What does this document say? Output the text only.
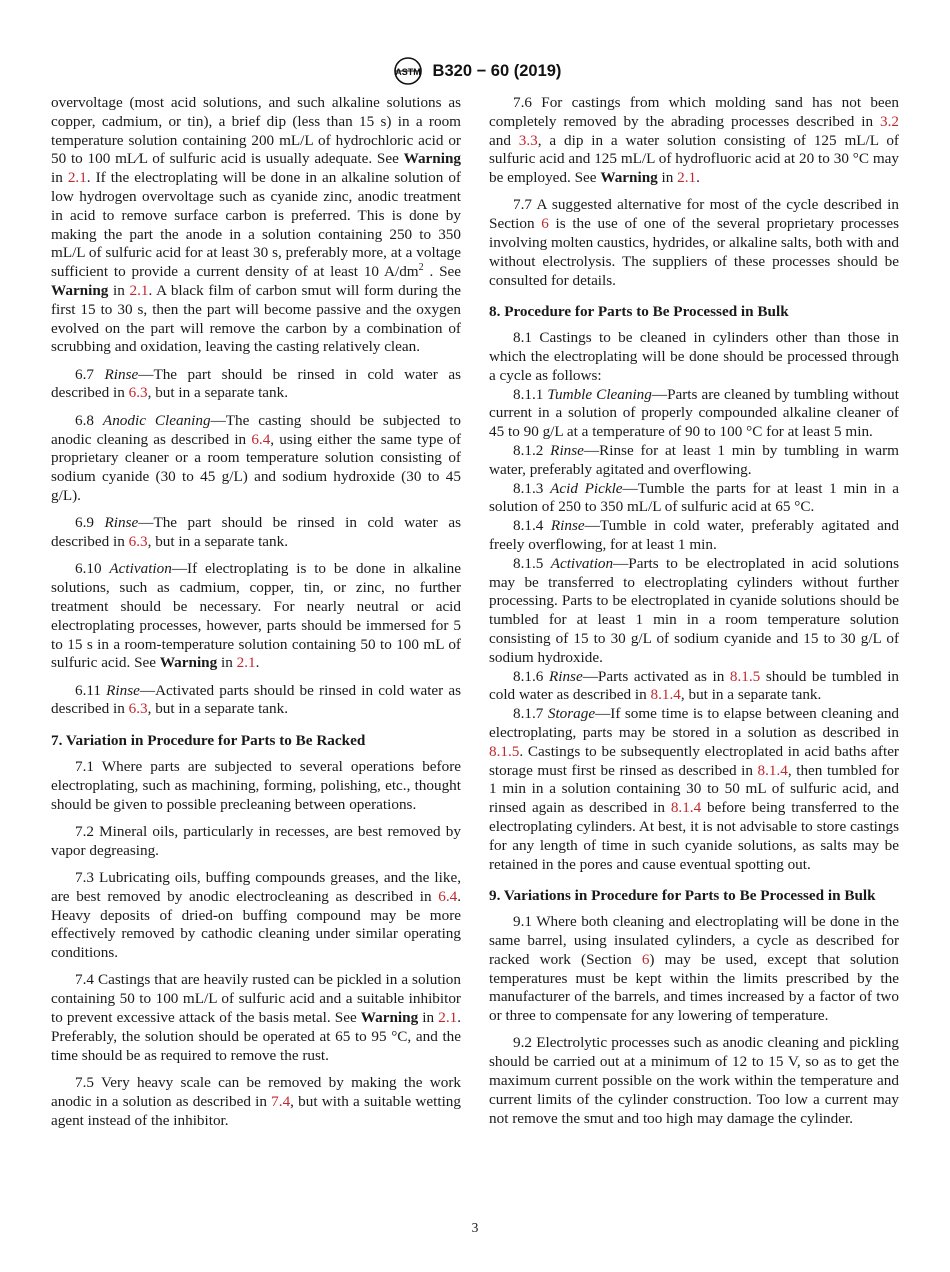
ASTM B320 − 60 (2019)

overvoltage (most acid solutions, and such alkaline solutions as copper, cadmium, or tin), a brief dip (less than 15 s) in a room temperature solution containing 200 mL/L of hydrochloric acid or 50 to 100 mL⁄L of sulfuric acid is usually adequate. See Warning in 2.1. If the electroplating will be done in an alkaline solution of low hydrogen overvoltage such as cyanide zinc, anodic treatment in acid to remove surface carbon is preferred. This is done by making the part the anode in a solution containing 250 to 350 mL/L of sulfuric acid for at least 30 s, preferably more, at a voltage sufficient to provide a current density of at least 10 $A/dm^2$ . See Warning in 2.1. A black film of carbon smut will form during the first 15 to 30 s, then the part will become passive and the oxygen evolved on the part will remove the carbon by a combination of scrubbing and oxidation, leaving the casting relatively clean.

6.7 Rinse—The part should be rinsed in cold water as described in 6.3, but in a separate tank.

6.8 Anodic Cleaning—The casting should be subjected to anodic cleaning as described in 6.4, using either the same type of proprietary cleaner or a room temperature solution consisting of sodium cyanide (30 to 45 g/L) and sodium hydroxide (30 to 45 g/L).

6.9 Rinse—The part should be rinsed in cold water as described in 6.3, but in a separate tank.

6.10 Activation—If electroplating is to be done in alkaline solutions, such as cadmium, copper, tin, or zinc, no further treatment should be necessary. For nearly neutral or acid electroplating processes, however, parts should be immersed for 5 to 15 s in a room-temperature solution containing 50 to 100 mL of sulfuric acid. See Warning in 2.1.

6.11 Rinse—Activated parts should be rinsed in cold water as described in 6.3, but in a separate tank.

7. Variation in Procedure for Parts to Be Racked

7.1 Where parts are subjected to several operations before electroplating, such as machining, forming, polishing, etc., thought should be given to possible precleaning between operations.

7.2 Mineral oils, particularly in recesses, are best removed by vapor degreasing.

7.3 Lubricating oils, buffing compounds greases, and the like, are best removed by anodic electrocleaning as described in 6.4. Heavy deposits of dried-on buffing compound may be more effectively removed by cathodic cleaning under similar operating conditions.

7.4 Castings that are heavily rusted can be pickled in a solution containing 50 to 100 mL/L of sulfuric acid and a suitable inhibitor to prevent excessive attack of the basis metal. See Warning in 2.1. Preferably, the solution should be operated at 65 to 95 °C, and the time should be as required to remove the rust.

7.5 Very heavy scale can be removed by making the work anodic in a solution as described in 7.4, but with a suitable wetting agent instead of the inhibitor.

7.6 For castings from which molding sand has not been completely removed by the abrading processes described in 3.2 and 3.3, a dip in a water solution consisting of 125 mL/L of sulfuric acid and 125 mL/L of hydrofluoric acid at 20 to 30 °C may be employed. See Warning in 2.1.

7.7 A suggested alternative for most of the cycle described in Section 6 is the use of one of the several proprietary processes involving molten caustics, hydrides, or alkaline salts, both with and without electrolysis. The suppliers of these processes should be consulted for details.

8. Procedure for Parts to Be Processed in Bulk

8.1 Castings to be cleaned in cylinders other than those in which the electroplating will be done should be processed through a cycle as follows:

8.1.1 Tumble Cleaning—Parts are cleaned by tumbling without current in a solution of properly compounded alkaline cleaner of 45 to 90 g/L at a temperature of 90 to 100 °C for at least 5 min.

8.1.2 Rinse—Rinse for at least 1 min by tumbling in warm water, preferably agitated and overflowing.

8.1.3 Acid Pickle—Tumble the parts for at least 1 min in a solution of 250 to 350 mL/L of sulfuric acid at 65 °C.

8.1.4 Rinse—Tumble in cold water, preferably agitated and freely overflowing, for at least 1 min.

8.1.5 Activation—Parts to be electroplated in acid solutions may be transferred to electroplating cylinders without further processing. Parts to be electroplated in cyanide solutions should be tumbled for at least 1 min in a room temperature solution consisting of 15 to 30 g/L of sodium cyanide and 15 to 30 g/L of sodium hydroxide.

8.1.6 Rinse—Parts activated as in 8.1.5 should be tumbled in cold water as described in 8.1.4, but in a separate tank.

8.1.7 Storage—If some time is to elapse between cleaning and electroplating, parts may be stored in a solution as described in 8.1.5. Castings to be subsequently electroplated in acid baths after storage must first be rinsed as described in 8.1.4, then tumbled for 1 min in a solution containing 30 to 50 mL of sulfuric acid, and rinsed again as described in 8.1.4 before being transferred to the electroplating cylinders. At best, it is not advisable to store castings for any length of time in such cyanide solutions, as salts may be retained in the pores and cause eventual spotting out.

9. Variations in Procedure for Parts to Be Processed in Bulk

9.1 Where both cleaning and electroplating will be done in the same barrel, using insulated cylinders, a cycle as described for racked work (Section 6) may be used, except that solution temperatures must be kept within the limits prescribed by the manufacturer of the barrels, and times increased by a factor of two or three to compensate for any lowering of temperature.

9.2 Electrolytic processes such as anodic cleaning and pickling should be carried out at a minimum of 12 to 15 V, so as to get the maximum current possible on the work within the temperature and current limits of the cylinder construction. Too low a current may not remove the smut and too high may damage the cylinder.

3
